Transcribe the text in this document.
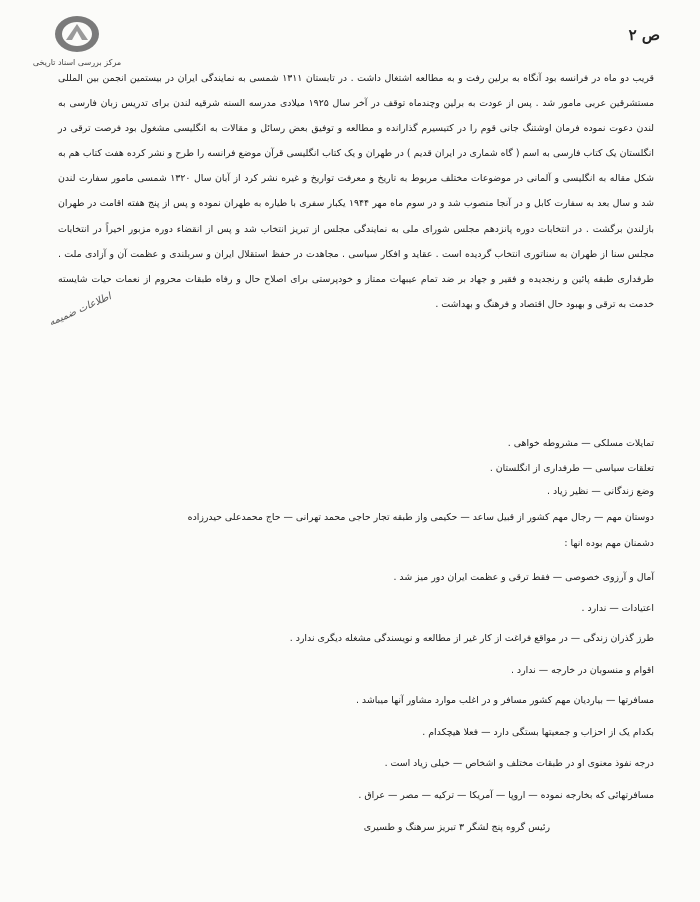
مرکز بررسی اسناد تاریخی
ص ۲

قریب دو ماه در فرانسه بود آنگاه به برلین رفت و به مطالعه اشتغال داشت . در تابستان ۱۳۱۱ شمسی به نمایندگی ایران در بیستمین انجمن بین المللی مستشرقین عربی مامور شد . پس از عودت به برلین وچندماه توقف در آخر سال ۱۹۲۵ میلادی مدرسه السنه شرقیه لندن برای تدریس زبان فارسی به لندن دعوت نموده فرمان اوشتنگ جانی قوم را در کتیسیرم گذارانده و مطالعه و توفیق بعض رسائل و مقالات به انگلیسی مشغول بود فرصت ترقی در انگلستان یک کتاب فارسی به اسم ( گاه شماری در ایران قدیم ) در طهران و یک کتاب انگلیسی قرآن موضع فرانسه را طرح و نشر کرده هفت کتاب هم به شکل مقاله به انگلیسی و آلمانی در موضوعات مختلف مربوط به تاریخ و معرفت تواریخ و غیره نشر کرد از آبان سال ۱۳۲۰ شمسی مامور سفارت لندن شد و سال بعد به سفارت کابل و در آنجا منصوب شد و در سوم ماه مهر ۱۹۴۴ یکبار سفری با طیاره به طهران نموده و پس از پنج هفته اقامت در طهران بازلندن برگشت . در انتخابات دوره پانزدهم مجلس شورای ملی به نمایندگی مجلس از تبریز انتخاب شد و پس از انقضاء دوره مزبور اخیراً در انتخابات مجلس سنا از طهران به سناتوری انتخاب گردیده است . عقاید و افکار سیاسی . مجاهدت در حفظ استقلال ایران و سربلندی و عظمت آن و آزادی ملت . طرفداری طبقه پائین و رنجدیده و فقیر و جهاد بر ضد تمام عیبهات ممتاز و خودپرستی برای اصلاح حال و رفاه طبقات محروم از نعمات حیات شایسته خدمت به ترقی و بهبود حال اقتصاد و فرهنگ و بهداشت .

تمایلات مسلکی — مشروطه خواهی .
تعلقات سیاسی — طرفداری از انگلستان .
وضع زندگانی — نظیر زیاد .
دوستان مهم — رجال مهم کشور از قبیل ساعد — حکیمی واز طبقه تجار حاجی محمد تهرانی — حاج محمدعلی حیدرزاده
دشمنان مهم بوده انها :
آمال و آرزوی خصوصی — فقط ترقی و عظمت ایران دور میز شد .
اعتیادات — ندارد .
طرز گذران زندگی — در مواقع فراغت از کار غیر از مطالعه و نویسندگی مشغله دیگری ندارد .
اقوام و منسوبان در خارجه — ندارد .
مسافرتها — بیاردیان مهم کشور مسافر و در اغلب موارد مشاور آنها میباشد .
بکدام یک از احزاب و جمعیتها بستگی دارد — فعلا هیچکدام .
درجه نفوذ معنوی او در طبقات مختلف و اشخاص — خیلی زیاد است .
مسافرتهائی که بخارجه نموده — اروپا — آمریکا — ترکیه — مصر — عراق .
اطلاعات ضمیمه
رئیس گروه پنج لشگر ۳ تبریز سرهنگ و طسیری
